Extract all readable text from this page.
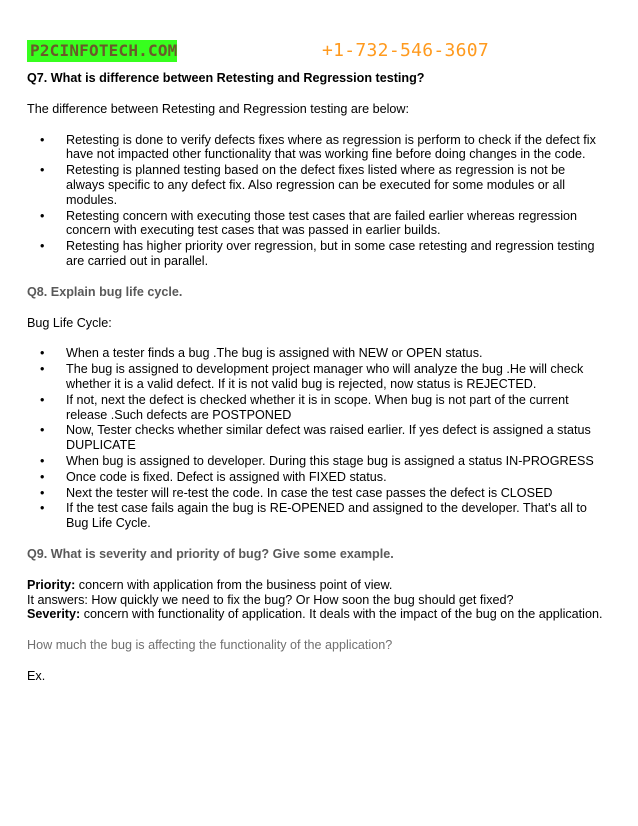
P2CINFOTECH.COM	+1-732-546-3607

Q7. What is difference between Retesting and Regression testing?

The difference between Retesting and Regression testing are below:

• Retesting is done to verify defects fixes where as regression is perform to check if the defect fix have not impacted other functionality that was working fine before doing changes in the code.
• Retesting is planned testing based on the defect fixes listed where as regression is not be always specific to any defect fix. Also regression can be executed for some modules or all modules.
• Retesting concern with executing those test cases that are failed earlier whereas regression concern with executing test cases that was passed in earlier builds.
• Retesting has higher priority over regression, but in some case retesting and regression testing are carried out in parallel.

Q8. Explain bug life cycle.

Bug Life Cycle:

• When a tester finds a bug .The bug is assigned with NEW or OPEN status.
• The bug is assigned to development project manager who will analyze the bug .He will check whether it is a valid defect. If it is not valid bug is rejected, now status is REJECTED.
• If not, next the defect is checked whether it is in scope. When bug is not part of the current release .Such defects are POSTPONED
• Now, Tester checks whether similar defect was raised earlier. If yes defect is assigned a status DUPLICATE
• When bug is assigned to developer. During this stage bug is assigned a status IN-PROGRESS
• Once code is fixed. Defect is assigned with FIXED status.
• Next the tester will re-test the code. In case the test case passes the defect is CLOSED
• If the test case fails again the bug is RE-OPENED and assigned to the developer. That's all to Bug Life Cycle.

Q9. What is severity and priority of bug? Give some example.

Priority: concern with application from the business point of view.

It answers: How quickly we need to fix the bug? Or How soon the bug should get fixed?

Severity: concern with functionality of application. It deals with the impact of the bug on the application.

How much the bug is affecting the functionality of the application?

Ex.
